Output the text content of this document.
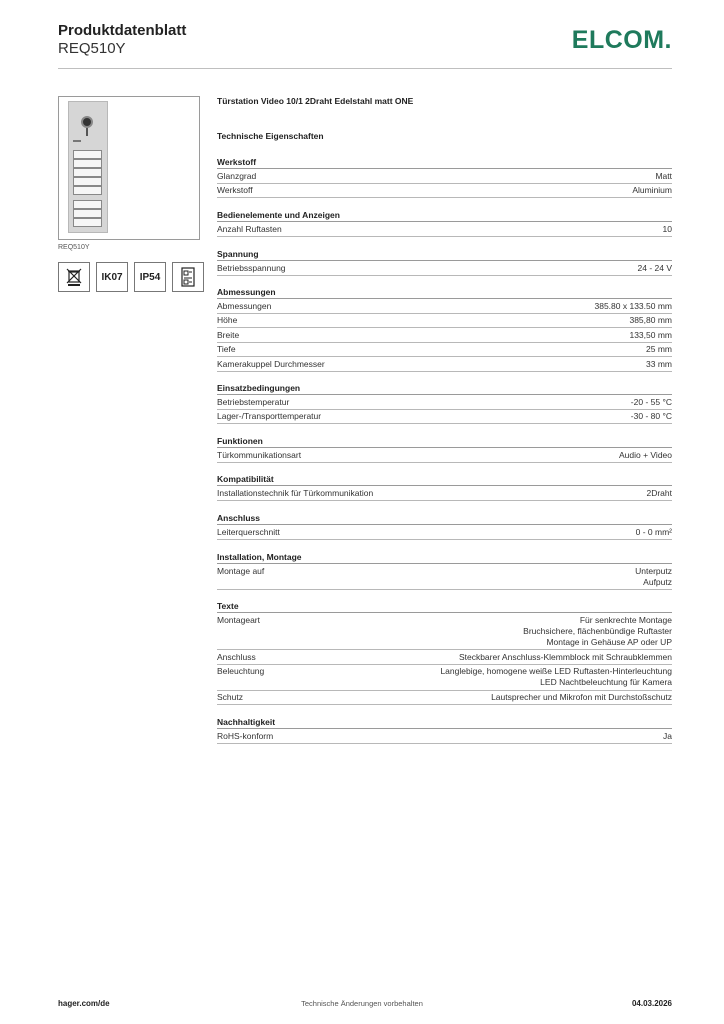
Produktdatenblatt
REQ510Y	ELCOM.
REQ510Y
IK07	IP54
Türstation Video 10/1 2Draht Edelstahl matt ONE
Technische Eigenschaften
Werkstoff
Glanzgrad	Matt
Werkstoff	Aluminium
Bedienelemente und Anzeigen
Anzahl Ruftasten	10
Spannung
Betriebsspannung	24 - 24 V
Abmessungen
Abmessungen	385.80 x 133.50 mm
Höhe	385,80 mm
Breite	133,50 mm
Tiefe	25 mm
Kamerakuppel Durchmesser	33 mm
Einsatzbedingungen
Betriebstemperatur	-20 - 55 °C
Lager-/Transporttemperatur	-30 - 80 °C
Funktionen
Türkommunikationsart	Audio + Video
Kompatibilität
Installationstechnik für Türkommunikation	2Draht
Anschluss
Leiterquerschnitt	0 - 0 mm²
Installation, Montage
Montage auf	Unterputz
Aufputz
Texte
Montageart	Für senkrechte Montage
Bruchsichere, flächenbündige Ruftaster
Montage in Gehäuse AP oder UP
Anschluss	Steckbarer Anschluss-Klemmblock mit Schraubklemmen
Beleuchtung	Langlebige, homogene weiße LED Ruftasten-Hinterleuchtung
LED Nachtbeleuchtung für Kamera
Schutz	Lautsprecher und Mikrofon mit Durchstoßschutz
Nachhaltigkeit
RoHS-konform	Ja
hager.com/de	Technische Änderungen vorbehalten	04.03.2026
